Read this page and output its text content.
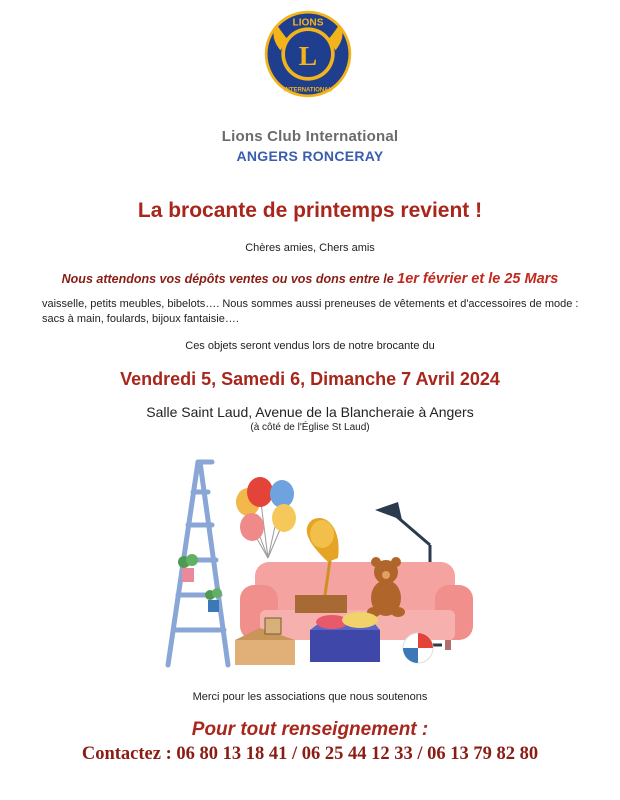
LIONS
L
INTERNATIONAL
Lions Club International
ANGERS RONCERAY
La brocante de printemps revient !
Chères amies, Chers amis
Nous attendons vos dépôts ventes ou vos dons entre le 1er février et le 25 Mars
vaisselle, petits meubles, bibelots…. Nous sommes aussi preneuses de vêtements et d'accessoires de mode : sacs à main, foulards, bijoux fantaisie….
Ces objets seront vendus lors de notre brocante du
Vendredi 5, Samedi 6, Dimanche 7 Avril 2024
Salle Saint Laud, Avenue de la Blancheraie à Angers
(à côté de l'Église St Laud)
Merci pour les associations que nous soutenons
Pour tout renseignement :
Contactez : 06 80 13 18 41 / 06 25 44 12 33 / 06 13 79 82 80
